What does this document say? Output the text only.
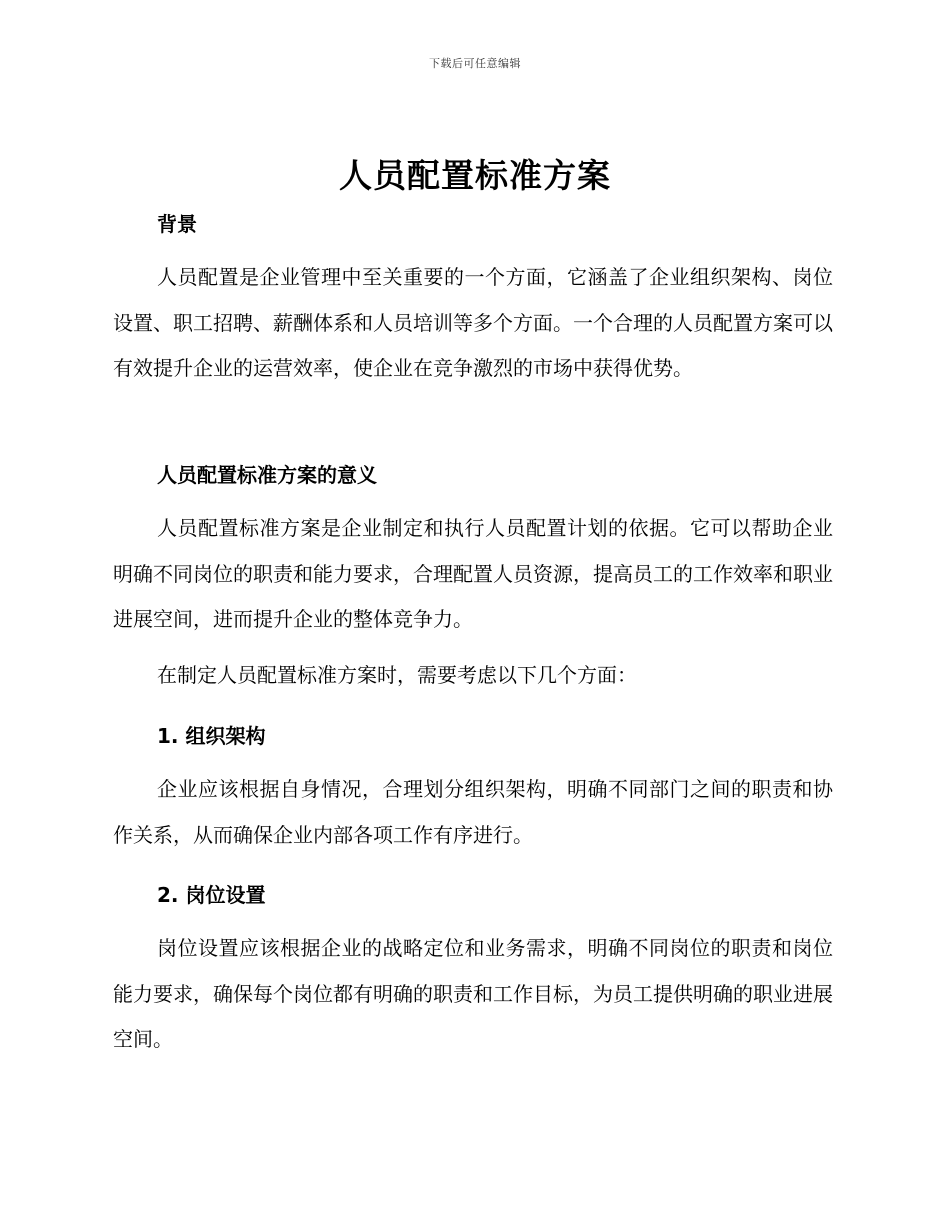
下载后可任意编辑
人员配置标准方案
背景

人员配置是企业管理中至关重要的一个方面，它涵盖了企业组织架构、岗位设置、职工招聘、薪酬体系和人员培训等多个方面。一个合理的人员配置方案可以有效提升企业的运营效率，使企业在竞争激烈的市场中获得优势。

人员配置标准方案的意义

人员配置标准方案是企业制定和执行人员配置计划的依据。它可以帮助企业明确不同岗位的职责和能力要求，合理配置人员资源，提高员工的工作效率和职业进展空间，进而提升企业的整体竞争力。

在制定人员配置标准方案时，需要考虑以下几个方面：

1. 组织架构

企业应该根据自身情况，合理划分组织架构，明确不同部门之间的职责和协作关系，从而确保企业内部各项工作有序进行。

2. 岗位设置

岗位设置应该根据企业的战略定位和业务需求，明确不同岗位的职责和岗位能力要求，确保每个岗位都有明确的职责和工作目标，为员工提供明确的职业进展空间。
